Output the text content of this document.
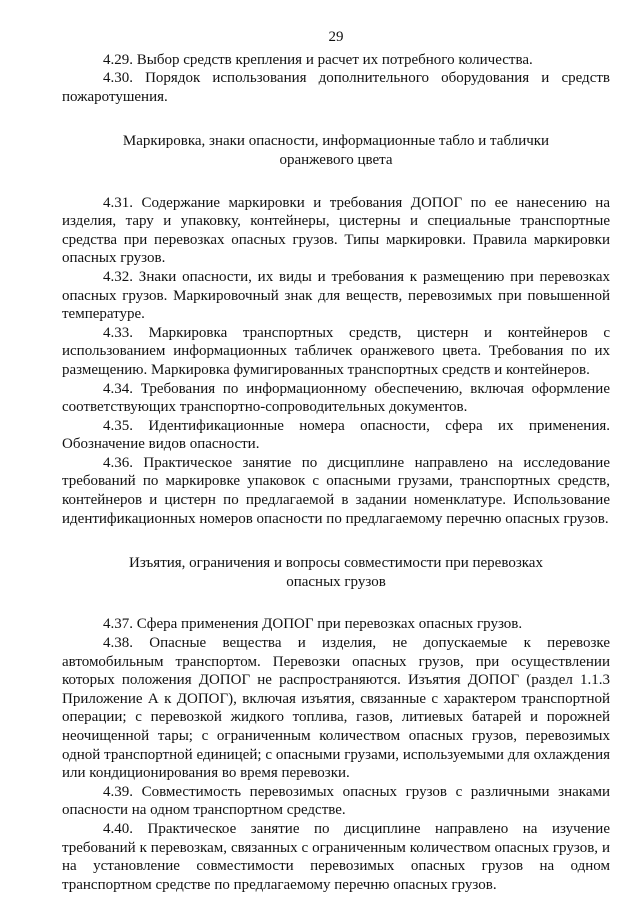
29

4.29. Выбор средств крепления и расчет их потребного количества.

4.30. Порядок использования дополнительного оборудования и средств пожаротушения.

Маркировка, знаки опасности, информационные табло и таблички
оранжевого цвета

4.31. Содержание маркировки и требования ДОПОГ по ее нанесению на изделия, тару и упаковку, контейнеры, цистерны и специальные транспортные средства при перевозках опасных грузов. Типы маркировки. Правила маркировки опасных грузов.

4.32. Знаки опасности, их виды и требования к размещению при перевозках опасных грузов. Маркировочный знак для веществ, перевозимых при повышенной температуре.

4.33. Маркировка транспортных средств, цистерн и контейнеров с использованием информационных табличек оранжевого цвета. Требования по их размещению. Маркировка фумигированных транспортных средств и контейнеров.

4.34. Требования по информационному обеспечению, включая оформление соответствующих транспортно-сопроводительных документов.

4.35. Идентификационные номера опасности, сфера их применения. Обозначение видов опасности.

4.36. Практическое занятие по дисциплине направлено на исследование требований по маркировке упаковок с опасными грузами, транспортных средств, контейнеров и цистерн по предлагаемой в задании номенклатуре. Использование идентификационных номеров опасности по предлагаемому перечню опасных грузов.

Изъятия, ограничения и вопросы совместимости при перевозках
опасных грузов

4.37. Сфера применения ДОПОГ при перевозках опасных грузов.

4.38. Опасные вещества и изделия, не допускаемые к перевозке автомобильным транспортом. Перевозки опасных грузов, при осуществлении которых положения ДОПОГ не распространяются. Изъятия ДОПОГ (раздел 1.1.3 Приложение А к ДОПОГ), включая изъятия, связанные с характером транспортной операции; с перевозкой жидкого топлива, газов, литиевых батарей и порожней неочищенной тары; с ограниченным количеством опасных грузов, перевозимых одной транспортной единицей; с опасными грузами, используемыми для охлаждения или кондиционирования во время перевозки.

4.39. Совместимость перевозимых опасных грузов с различными знаками опасности на одном транспортном средстве.

4.40. Практическое занятие по дисциплине направлено на изучение требований к перевозкам, связанных с ограниченным количеством опасных грузов, и на установление совместимости перевозимых опасных грузов на одном транспортном средстве по предлагаемому перечню опасных грузов.
